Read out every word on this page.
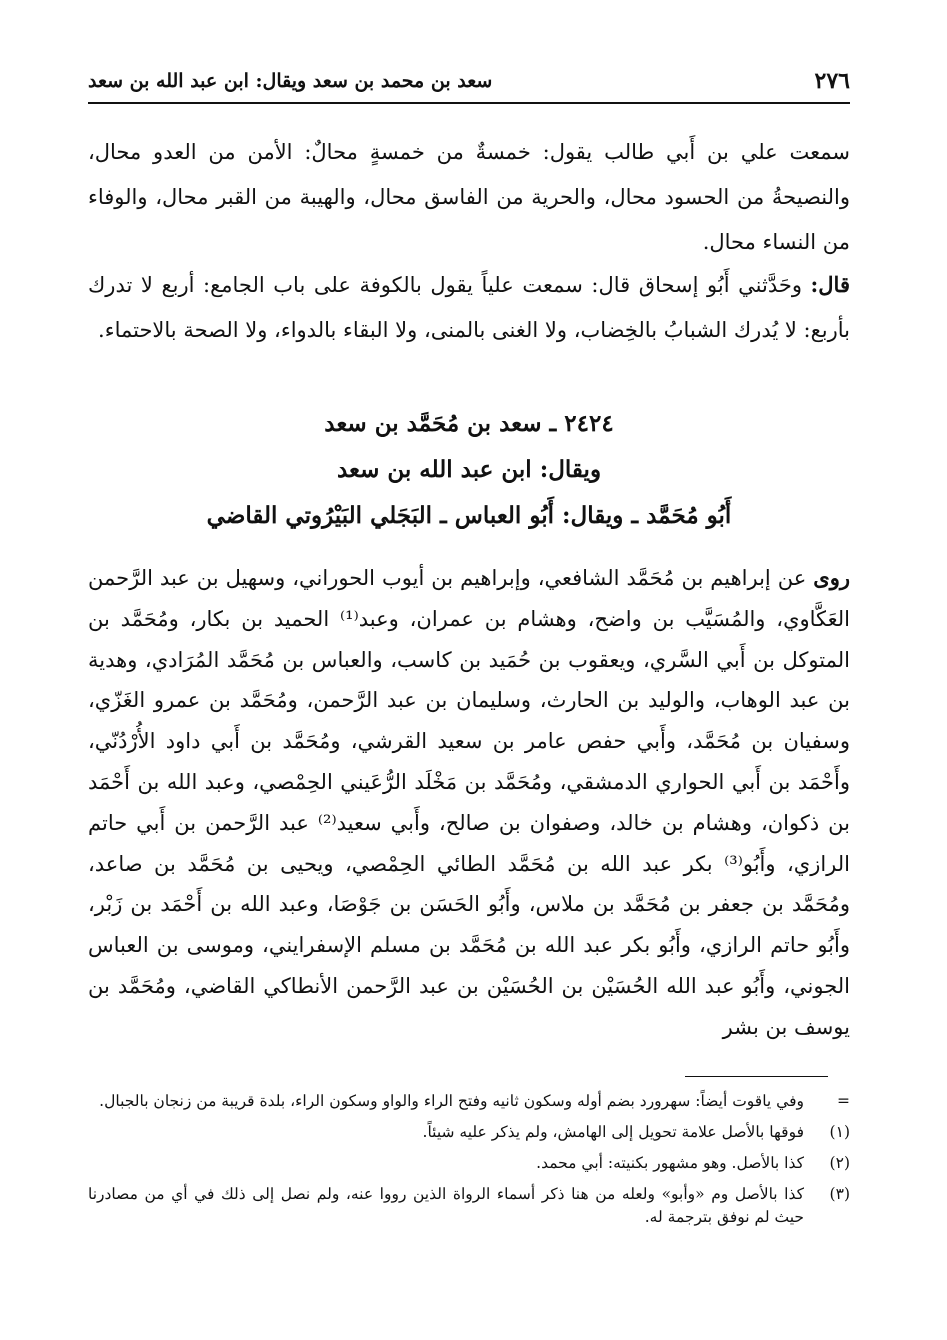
٢٧٦
سعد بن محمد بن سعد ويقال: ابن عبد الله بن سعد

سمعت علي بن أَبي طالب يقول: خمسةٌ من خمسةٍ محالٌ: الأمن من العدو محال، والنصيحةُ من الحسود محال، والحرية من الفاسق محال، والهيبة من القبر محال، والوفاء من النساء محال.

قال: وحَدَّثني أَبُو إسحاق قال: سمعت علياً يقول بالكوفة على باب الجامع: أربع لا تدرك بأربع: لا يُدرك الشبابُ بالخِضاب، ولا الغنى بالمنى، ولا البقاء بالدواء، ولا الصحة بالاحتماء.

٢٤٢٤ ـ سعد بن مُحَمَّد بن سعد
ويقال: ابن عبد الله بن سعد
أَبُو مُحَمَّد ـ ويقال: أَبُو العباس ـ البَجَلي البَيْرُوتي القاضي

روى عن إبراهيم بن مُحَمَّد الشافعي، وإبراهيم بن أيوب الحوراني، وسهيل بن عبد الرَّحمن العَكَّاوي، والمُسَيَّب بن واضح، وهشام بن عمران، وعبد⁽¹⁾ الحميد بن بكار، ومُحَمَّد بن المتوكل بن أَبي السَّري، ويعقوب بن حُمَيد بن كاسب، والعباس بن مُحَمَّد المُرَادي، وهدية بن عبد الوهاب، والوليد بن الحارث، وسليمان بن عبد الرَّحمن، ومُحَمَّد بن عمرو الغَزّي، وسفيان بن مُحَمَّد، وأَبي حفص عامر بن سعيد القرشي، ومُحَمَّد بن أَبي داود الأُرْدُنّي، وأَحْمَد بن أَبي الحواري الدمشقي، ومُحَمَّد بن مَخْلَد الرُّعَيني الحِمْصي، وعبد الله بن أَحْمَد بن ذكوان، وهشام بن خالد، وصفوان بن صالح، وأَبي سعيد⁽²⁾ عبد الرَّحمن بن أَبي حاتم الرازي، وأَبُو⁽³⁾ بكر عبد الله بن مُحَمَّد الطائي الحِمْصي، ويحيى بن مُحَمَّد بن صاعد، ومُحَمَّد بن جعفر بن مُحَمَّد بن ملاس، وأَبُو الحَسَن بن جَوْصَا، وعبد الله بن أَحْمَد بن زَبْر، وأَبُو حاتم الرازي، وأَبُو بكر عبد الله بن مُحَمَّد بن مسلم الإسفرايني، وموسى بن العباس الجوني، وأَبُو عبد الله الحُسَيْن بن الحُسَيْن بن عبد الرَّحمن الأنطاكي القاضي، ومُحَمَّد بن يوسف بن بشر

=
وفي ياقوت أيضاً: سهرورد بضم أوله وسكون ثانيه وفتح الراء والواو وسكون الراء، بلدة قريبة من زنجان بالجبال.
(١)
فوقها بالأصل علامة تحويل إلى الهامش، ولم يذكر عليه شيئاً.
(٢)
كذا بالأصل. وهو مشهور بكنيته: أبي محمد.
(٣)
كذا بالأصل وم «وأبو» ولعله من هنا ذكر أسماء الرواة الذين رووا عنه، ولم نصل إلى ذلك في أي من مصادرنا حيث لم نوفق بترجمة له.
